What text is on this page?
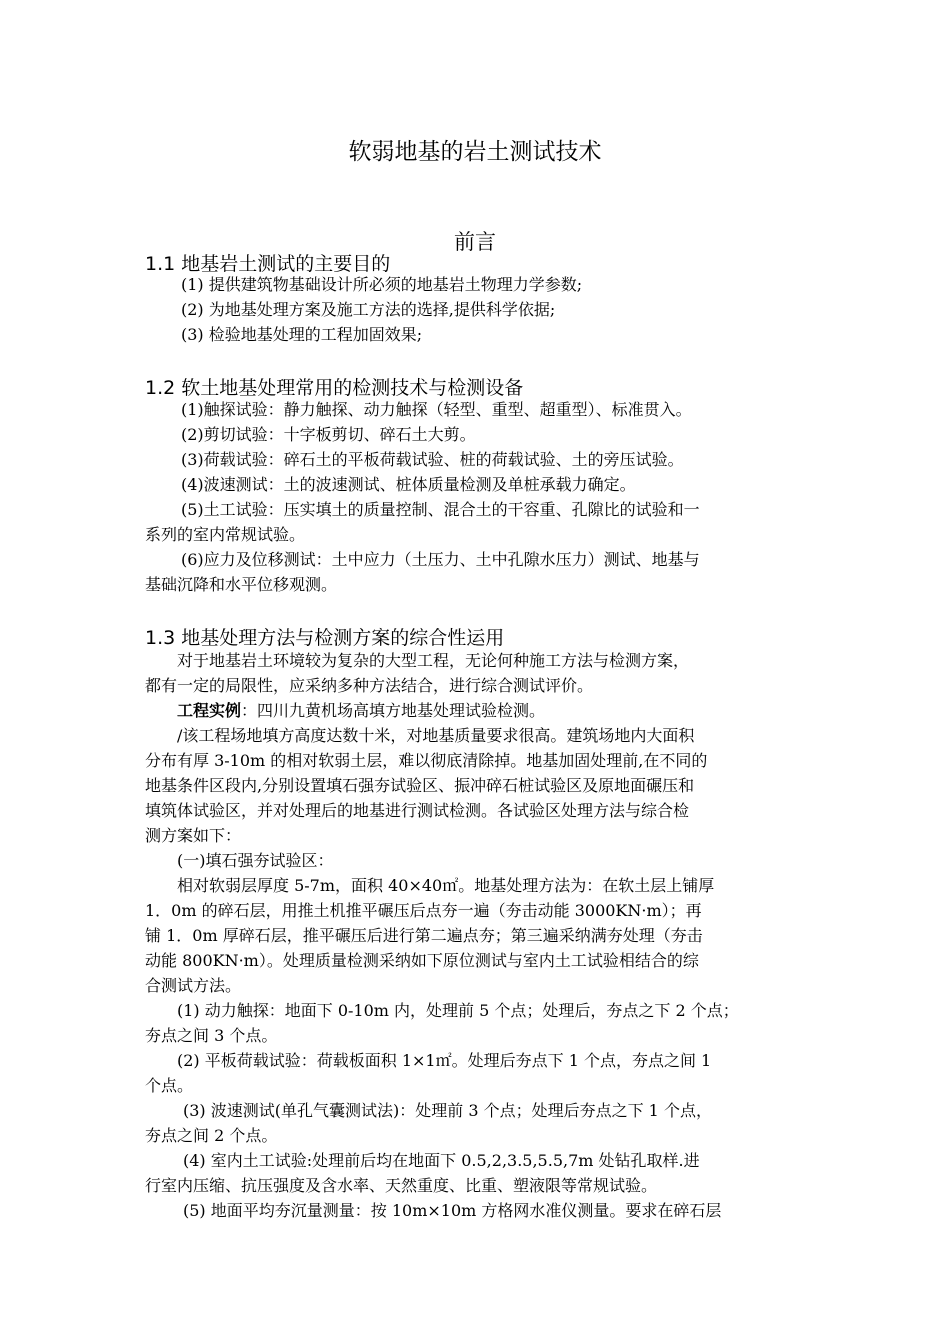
软弱地基的岩土测试技术
前言
1.1 地基岩土测试的主要目的
(1) 提供建筑物基础设计所必须的地基岩土物理力学参数;
(2) 为地基处理方案及施工方法的选择,提供科学依据;
(3) 检验地基处理的工程加固效果;
1.2 软土地基处理常用的检测技术与检测设备
(1)触探试验：静力触探、动力触探（轻型、重型、超重型）、标准贯入。
(2)剪切试验：十字板剪切、碎石土大剪。
(3)荷载试验：碎石土的平板荷载试验、桩的荷载试验、土的旁压试验。
(4)波速测试：土的波速测试、桩体质量检测及单桩承载力确定。
(5)土工试验：压实填土的质量控制、混合土的干容重、孔隙比的试验和一
系列的室内常规试验。
(6)应力及位移测试：土中应力（土压力、土中孔隙水压力）测试、地基与
基础沉降和水平位移观测。
1.3 地基处理方法与检测方案的综合性运用
对于地基岩土环境较为复杂的大型工程，无论何种施工方法与检测方案，
都有一定的局限性，应采纳多种方法结合，进行综合测试评价。
工程实例：四川九黄机场高填方地基处理试验检测。
/该工程场地填方高度达数十米，对地基质量要求很高。建筑场地内大面积
分布有厚 3-10m 的相对软弱土层，难以彻底清除掉。地基加固处理前,在不同的
地基条件区段内,分别设置填石强夯试验区、振冲碎石桩试验区及原地面碾压和
填筑体试验区，并对处理后的地基进行测试检测。各试验区处理方法与综合检
测方案如下：
(一)填石强夯试验区：
相对软弱层厚度 5-7m，面积 40×40㎡。地基处理方法为：在软土层上铺厚
1．0m 的碎石层，用推土机推平碾压后点夯一遍（夯击动能 3000KN·m）；再
铺 1．0m 厚碎石层，推平碾压后进行第二遍点夯；第三遍采纳满夯处理（夯击
动能 800KN·m）。处理质量检测采纳如下原位测试与室内土工试验相结合的综
合测试方法。
(1) 动力触探：地面下 0-10m 内，处理前 5 个点；处理后，夯点之下 2 个点；
夯点之间 3 个点。
(2) 平板荷载试验：荷载板面积 1×1㎡。处理后夯点下 1 个点，夯点之间 1
个点。
(3) 波速测试(单孔气囊测试法)：处理前 3 个点；处理后夯点之下 1 个点，
夯点之间 2 个点。
(4) 室内土工试验:处理前后均在地面下 0.5,2,3.5,5.5,7m 处钻孔取样.进
行室内压缩、抗压强度及含水率、天然重度、比重、塑液限等常规试验。
(5) 地面平均夯沉量测量：按 10m×10m 方格网水准仪测量。要求在碎石层
